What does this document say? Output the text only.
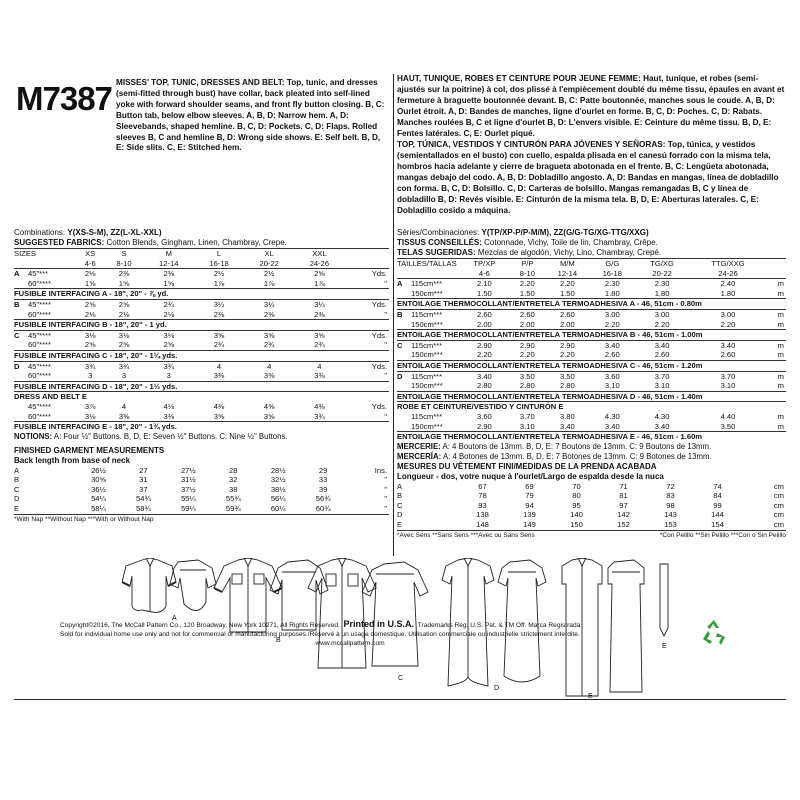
M7387 MISSES' TOP, TUNIC, DRESSES AND BELT: Top, tunic, and dresses (semi-fitted through bust) have collar, back pleated into self-lined yoke with forward shoulder seams, and front fly button closing. B, C: Button tab, below elbow sleeves. A, B, D: Narrow hem. A, D: Sleevebands, shaped hemline. B, C, D: Pockets. C, D: Flaps. Rolled sleeves B, C and hemline B, D: Wrong side shows. E: Self belt. B, D, E: Side slits. C, E: Stitched hem.
Combinations: Y(XS-S-M), ZZ(L-XL-XXL)
SUGGESTED FABRICS: Cotton Blends, Gingham, Linen, Chambray, Crepe.
SIZES		XS	S	M	L	XL	XXL	
		4-6	8-10	12-14	16-18	20-22	24-26	
A	45"***	2⅛	2⅜	2⅜	2½	2½	2⅝	Yds.
	60"****	1⅝	1⅝	1⅝	1⅞	1⅞	1⅞	"
FUSIBLE INTERFACING A - 18", 20" - ⅞ yd.								
B	45"****	2⅝	2⅝	2¾	3¼	3¼	3¼	Yds.
	60"****	2⅛	2⅛	2⅛	2⅜	2⅜	2⅜	"
FUSIBLE INTERFACING B - 18", 20" - 1 yd.								
C	45"****	3⅛	3⅛	3⅛	3⅝	3⅝	3⅝	Yds.
	60"****	2⅝	2⅝	2⅝	2¾	2¾	2¾	"
FUSIBLE INTERFACING C - 18", 20" - 1¼ yds.								
D	45"****	3¾	3¾	3¾	4	4	4	Yds.
	60"****	3	3	3	3⅜	3⅜	3⅜	"
FUSIBLE INTERFACING D - 18", 20" - 1½ yds.								
DRESS AND BELT E								
	45"****	3⅞	4	4⅛	4⅜	4⅜	4⅜	Yds.
	60"****	3⅛	3⅜	3⅜	3⅝	3⅝	3¾	"
FUSIBLE INTERFACING E - 18", 20" - 1¾ yds.								
NOTIONS: A: Four ½" Buttons. B, D, E: Seven ½" Buttons. C: Nine ½" Buttons.
FINISHED GARMENT MEASUREMENTS
Back length from base of neck
A	26½	27	27½	28	28½	29	Ins.
B	30⅝	31	31½	32	32½	33	"
C	36½	37	37½	38	38½	39	"
D	54¼	54¾	55¼	55¾	56¼	56¾	"
E	58¼	58¾	59¼	59¾	60¼	60¾	"
*With Nap **Without Nap ***With or Without Nap
HAUT, TUNIQUE, ROBES ET CEINTURE POUR JEUNE FEMME: Haut, tunique, et robes (semi-ajustés sur la poitrine) à col, dos plissé à l'empiècement doublé du même tissu, épaules en avant et fermeture à braguette boutonnée devant. B, C: Patte boutonnée, manches sous le coude. A, B, D: Ourlet étroit. A, D: Bandes de manches, ligne d'ourlet en forme. B, C, D: Poches. C, D: Rabats. Manches roulées B, C et ligne d'ourlet B, D: L'envers visible. E: Ceinture du même tissu. B, D, E: Fentes latérales. C, E: Ourlet piqué.
TOP, TÚNICA, VESTIDOS Y CINTURÓN PARA JÓVENES Y SEÑORAS: Top, túnica, y vestidos (semientallados en el busto) con cuello, espalda plisada en el canesú forrado con la misma tela, hombros hacia adelante y cierre de bragueta abotonada en el frente. B, C: Lengüeta abotonada, mangas debajo del codo. A, B, D: Dobladillo angosto. A, D: Bandas en mangas, línea de dobladillo con forma. B, C, D: Bolsillo. C, D: Carteras de bolsillo. Mangas remangadas B, C y línea de dobladillo B, D: Revés visible. E: Cinturón de la misma tela. B, D, E: Aberturas laterales. C, E: Dobladillo cosido a máquina.
Séries/Combinaciones: Y(TP/XP-P/P-M/M), ZZ(G/G-TG/XG-TTG/XXG)
TISSUS CONSEILLÉS: Cotonnade, Vichy, Toile de lin, Chambray, Crêpe.
TELAS SUGERIDAS: Mezclas de algodón, Vichy, Lino, Chambray, Crepé.
TAILLES/TALLAS		TP/XP	P/P	M/M	G/G	TG/XG	TTG/XXG	
		4-6	8-10	12-14	16-18	20-22	24-26	
A	115cm***	2.10	2.20	2.20	2.30	2.30	2.40	m
	150cm***	1.50	1.50	1.50	1.80	1.80	1.80	m
ENTOILAGE THERMOCOLLANT/ENTRETELA TERMOADHESIVA A - 46, 51cm - 0.80m								
B	115cm***	2.60	2.60	2.60	3.00	3.00	3.00	m
	150cm***	2.00	2.00	2.00	2.20	2.20	2.20	m
ENTOILAGE THERMOCOLLANT/ENTRETELA TERMOADHESIVA B - 46, 51cm - 1.00m								
C	115cm***	2.90	2.90	2.90	3.40	3.40	3.40	m
	150cm***	2.20	2.20	2.20	2.60	2.60	2.60	m
ENTOILAGE THERMOCOLLANT/ENTRETELA TERMOADHESIVA C - 46, 51cm - 1.20m								
D	115cm***	3.40	3.50	3.50	3.60	3.70	3.70	m
	150cm***	2.80	2.80	2.80	3.10	3.10	3.10	m
ENTOILAGE THERMOCOLLANT/ENTRETELA TERMOADHESIVA D - 46, 51cm - 1.40m								
ROBE ET CEINTURE/VESTIDO Y CINTURÓN E								
	115cm***	3.60	3.70	3.80	4.30	4.30	4.40	m
	150cm***	2.90	3.10	3.40	3.40	3.40	3.50	m
ENTOILAGE THERMOCOLLANT/ENTRETELA TERMOADHESIVA E - 46, 51cm - 1.60m								
MERCERIE: A: 4 Boutons de 13mm. B, D, E: 7 Boutons de 13mm. C: 9 Boutons de 13mm.
MERCERÍA: A: 4 Botones de 13mm. B, D, E: 7 Botones de 13mm. C: 9 Botones de 13mm.
MESURES DU VÊTEMENT FINI/MEDIDAS DE LA PRENDA ACABADA
Longueur - dos, votre nuque à l'ourlet/Largo de espalda desde la nuca
A	67	69	70	71	72	74	cm
B	78	79	80	81	83	84	cm
C	93	94	95	97	98	99	cm
D	138	139	140	142	143	144	cm
E	148	149	150	152	153	154	cm
*Avec Sens **Sans Sens ***Avec ou Sans Sens	*Con Pelillo **Sin Pelillo ***Con o Sin Pelillo
A
B
C
D
E
E
Copyright©2016, The McCall Pattern Co., 120 Broadway, New York 10271, All Rights Reserved. Printed in U.S.A. Trademarks Reg. U.S. Pat. & TM Off. Marca Registrada
Sold for individual home use only and not for commercial or manufacturing purposes./Réservé à un usage domestique. Utilisation commerciale ou industrielle strictement interdite.
www.mccallpattern.com
